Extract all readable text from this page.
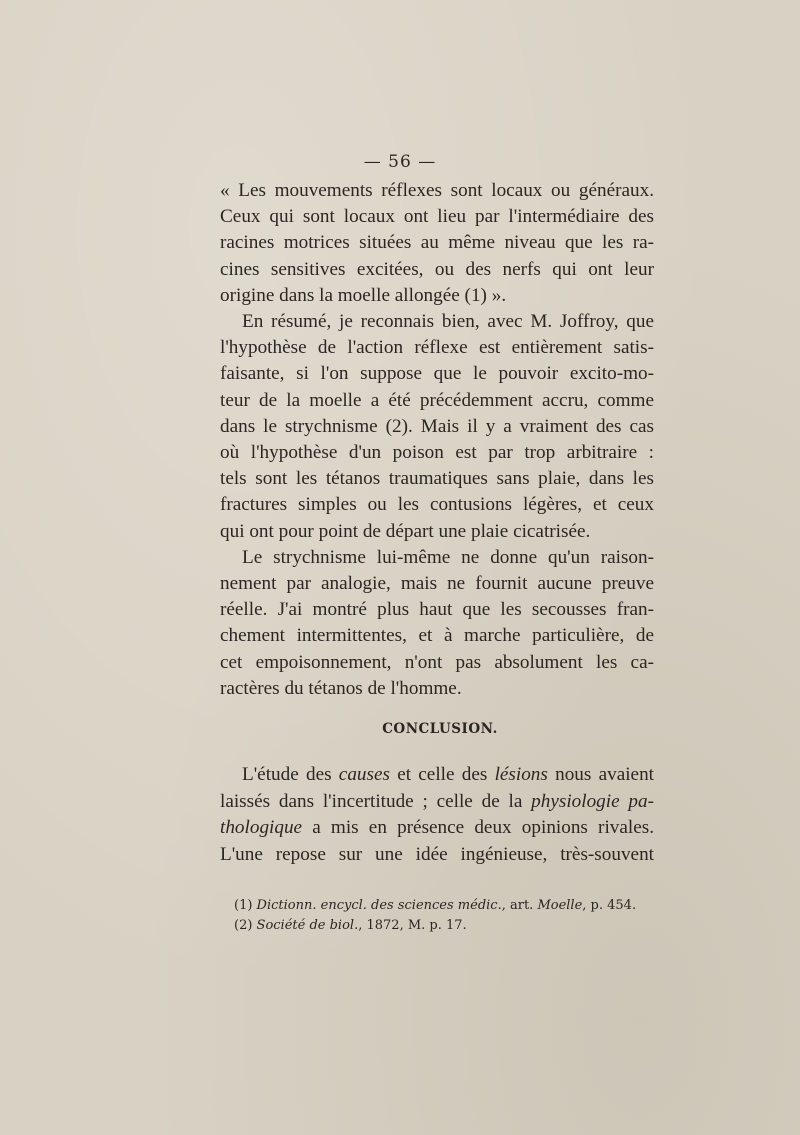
— 56 —
« Les mouvements réflexes sont locaux ou généraux.
Ceux qui sont locaux ont lieu par l'intermédiaire des
racines motrices situées au même niveau que les ra-
cines sensitives excitées, ou des nerfs qui ont leur
origine dans la moelle allongée (1) ».
En résumé, je reconnais bien, avec M. Joffroy, que
l'hypothèse de l'action réflexe est entièrement satis-
faisante, si l'on suppose que le pouvoir excito-mo-
teur de la moelle a été précédemment accru, comme
dans le strychnisme (2). Mais il y a vraiment des cas
où l'hypothèse d'un poison est par trop arbitraire :
tels sont les tétanos traumatiques sans plaie, dans les
fractures simples ou les contusions légères, et ceux
qui ont pour point de départ une plaie cicatrisée.
Le strychnisme lui-même ne donne qu'un raison-
nement par analogie, mais ne fournit aucune preuve
réelle. J'ai montré plus haut que les secousses fran-
chement intermittentes, et à marche particulière, de
cet empoisonnement, n'ont pas absolument les ca-
ractères du tétanos de l'homme.
CONCLUSION.
L'étude des causes et celle des lésions nous avaient
laissés dans l'incertitude ; celle de la physiologie pa-
thologique a mis en présence deux opinions rivales.
L'une repose sur une idée ingénieuse, très-souvent
(1) Dictionn. encycl. des sciences médic., art. Moelle, p. 454.
(2) Société de biol., 1872, M. p. 17.
